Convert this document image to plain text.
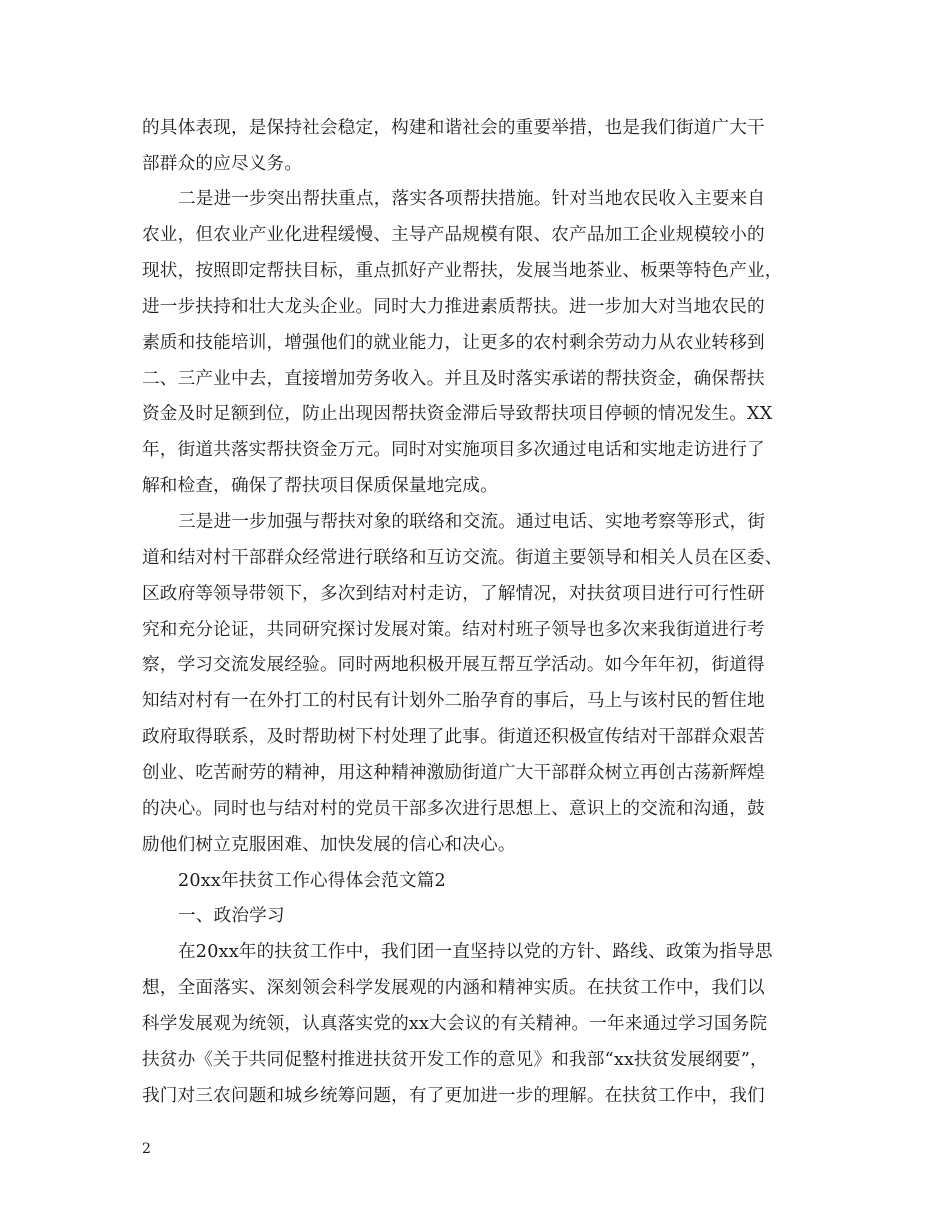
的具体表现，是保持社会稳定，构建和谐社会的重要举措，也是我们街道广大干
部群众的应尽义务。
二是进一步突出帮扶重点，落实各项帮扶措施。针对当地农民收入主要来自
农业，但农业产业化进程缓慢、主导产品规模有限、农产品加工企业规模较小的
现状，按照即定帮扶目标，重点抓好产业帮扶，发展当地茶业、板栗等特色产业，
进一步扶持和壮大龙头企业。同时大力推进素质帮扶。进一步加大对当地农民的
素质和技能培训，增强他们的就业能力，让更多的农村剩余劳动力从农业转移到
二、三产业中去，直接增加劳务收入。并且及时落实承诺的帮扶资金，确保帮扶
资金及时足额到位，防止出现因帮扶资金滞后导致帮扶项目停顿的情况发生。XX
年，街道共落实帮扶资金万元。同时对实施项目多次通过电话和实地走访进行了
解和检查，确保了帮扶项目保质保量地完成。
三是进一步加强与帮扶对象的联络和交流。通过电话、实地考察等形式，街
道和结对村干部群众经常进行联络和互访交流。街道主要领导和相关人员在区委、
区政府等领导带领下，多次到结对村走访，了解情况，对扶贫项目进行可行性研
究和充分论证，共同研究探讨发展对策。结对村班子领导也多次来我街道进行考
察，学习交流发展经验。同时两地积极开展互帮互学活动。如今年年初，街道得
知结对村有一在外打工的村民有计划外二胎孕育的事后，马上与该村民的暂住地
政府取得联系，及时帮助树下村处理了此事。街道还积极宣传结对干部群众艰苦
创业、吃苦耐劳的精神，用这种精神激励街道广大干部群众树立再创古荡新辉煌
的决心。同时也与结对村的党员干部多次进行思想上、意识上的交流和沟通，鼓
励他们树立克服困难、加快发展的信心和决心。
20xx年扶贫工作心得体会范文篇2
一、政治学习
在20xx年的扶贫工作中，我们团一直坚持以党的方针、路线、政策为指导思
想，全面落实、深刻领会科学发展观的内涵和精神实质。在扶贫工作中，我们以
科学发展观为统领，认真落实党的xx大会议的有关精神。一年来通过学习国务院
扶贫办《关于共同促整村推进扶贫开发工作的意见》和我部“xx扶贫发展纲要”，
我门对三农问题和城乡统筹问题，有了更加进一步的理解。在扶贫工作中，我们
2
